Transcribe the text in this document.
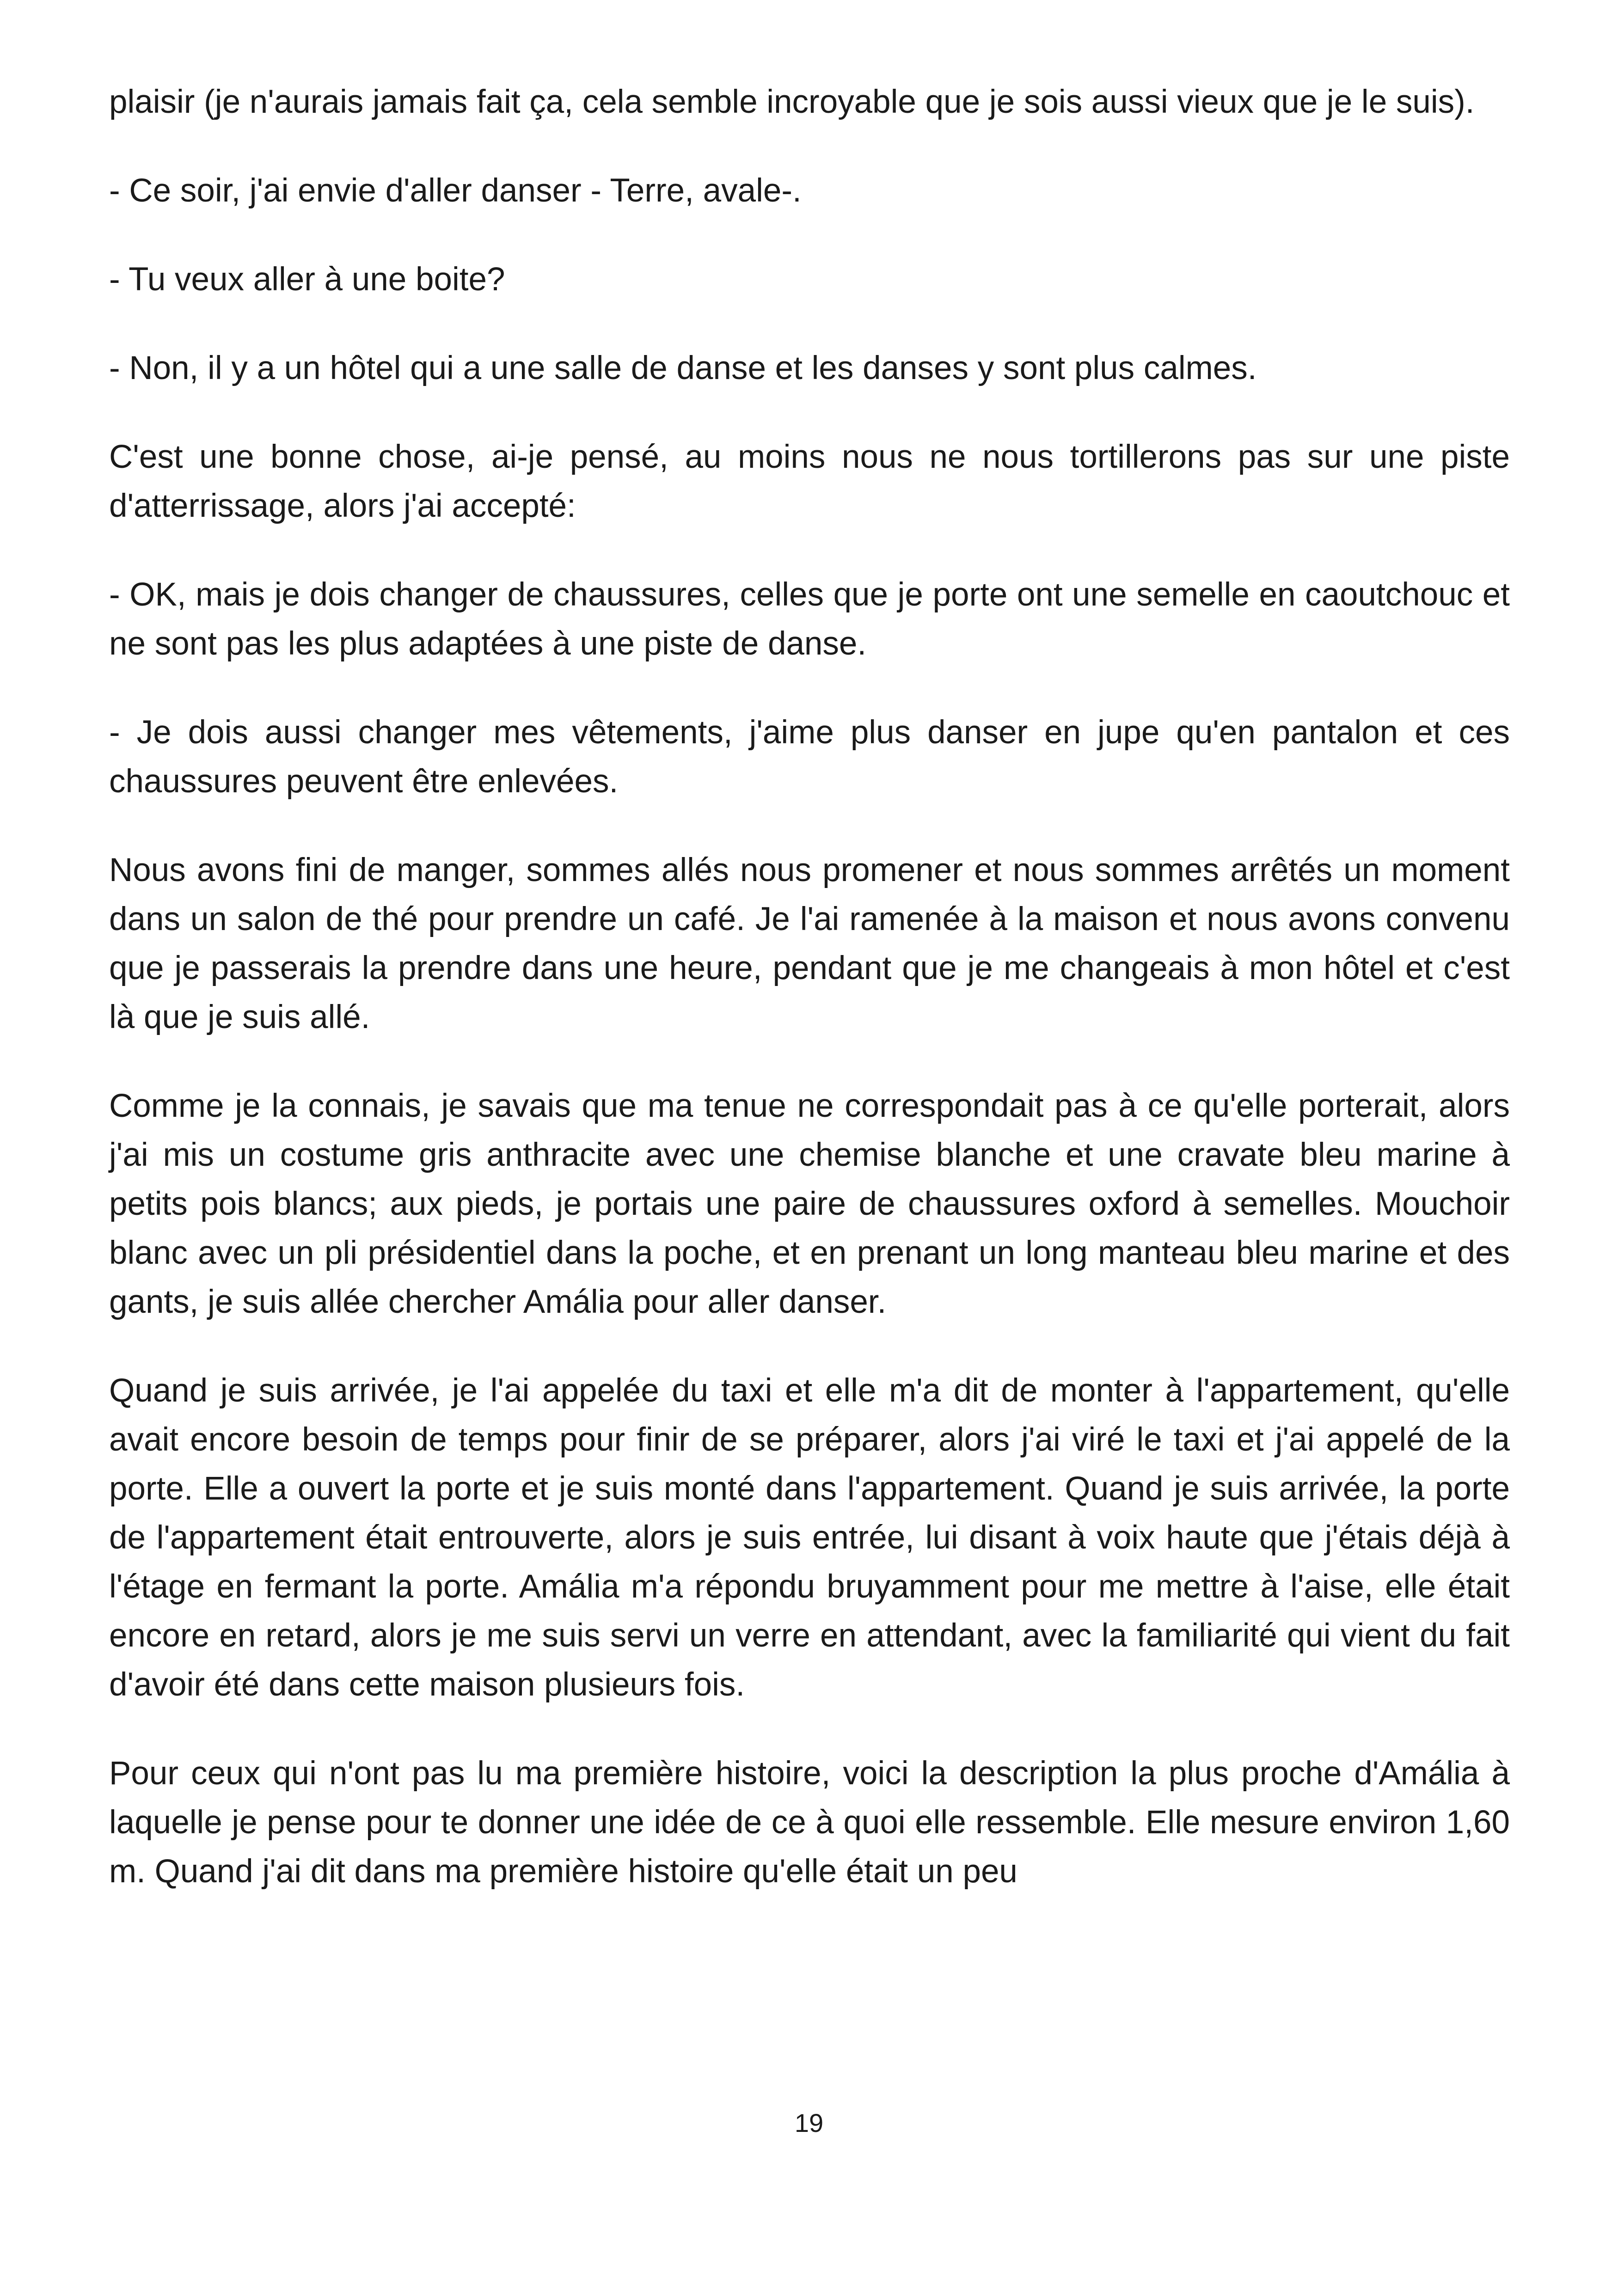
plaisir (je n'aurais jamais fait ça, cela semble incroyable que je sois aussi vieux que je le suis).

- Ce soir, j'ai envie d'aller danser - Terre, avale-.

- Tu veux aller à une boite?

- Non, il y a un hôtel qui a une salle de danse et les danses y sont plus calmes.

C'est une bonne chose, ai-je pensé, au moins nous ne nous tortillerons pas sur une piste d'atterrissage, alors j'ai accepté:

- OK, mais je dois changer de chaussures, celles que je porte ont une semelle en caoutchouc et ne sont pas les plus adaptées à une piste de danse.

- Je dois aussi changer mes vêtements, j'aime plus danser en jupe qu'en pantalon et ces chaussures peuvent être enlevées.

Nous avons fini de manger, sommes allés nous promener et nous sommes arrêtés un moment dans un salon de thé pour prendre un café. Je l'ai ramenée à la maison et nous avons convenu que je passerais la prendre dans une heure, pendant que je me changeais à mon hôtel et c'est là que je suis allé.

Comme je la connais, je savais que ma tenue ne correspondait pas à ce qu'elle porterait, alors j'ai mis un costume gris anthracite avec une chemise blanche et une cravate bleu marine à petits pois blancs; aux pieds, je portais une paire de chaussures oxford à semelles. Mouchoir blanc avec un pli présidentiel dans la poche, et en prenant un long manteau bleu marine et des gants, je suis allée chercher Amália pour aller danser.

Quand je suis arrivée, je l'ai appelée du taxi et elle m'a dit de monter à l'appartement, qu'elle avait encore besoin de temps pour finir de se préparer, alors j'ai viré le taxi et j'ai appelé de la porte. Elle a ouvert la porte et je suis monté dans l'appartement. Quand je suis arrivée, la porte de l'appartement était entrouverte, alors je suis entrée, lui disant à voix haute que j'étais déjà à l'étage en fermant la porte. Amália m'a répondu bruyamment pour me mettre à l'aise, elle était encore en retard, alors je me suis servi un verre en attendant, avec la familiarité qui vient du fait d'avoir été dans cette maison plusieurs fois.

Pour ceux qui n'ont pas lu ma première histoire, voici la description la plus proche d'Amália à laquelle je pense pour te donner une idée de ce à quoi elle ressemble. Elle mesure environ 1,60 m. Quand j'ai dit dans ma première histoire qu'elle était un peu

19
